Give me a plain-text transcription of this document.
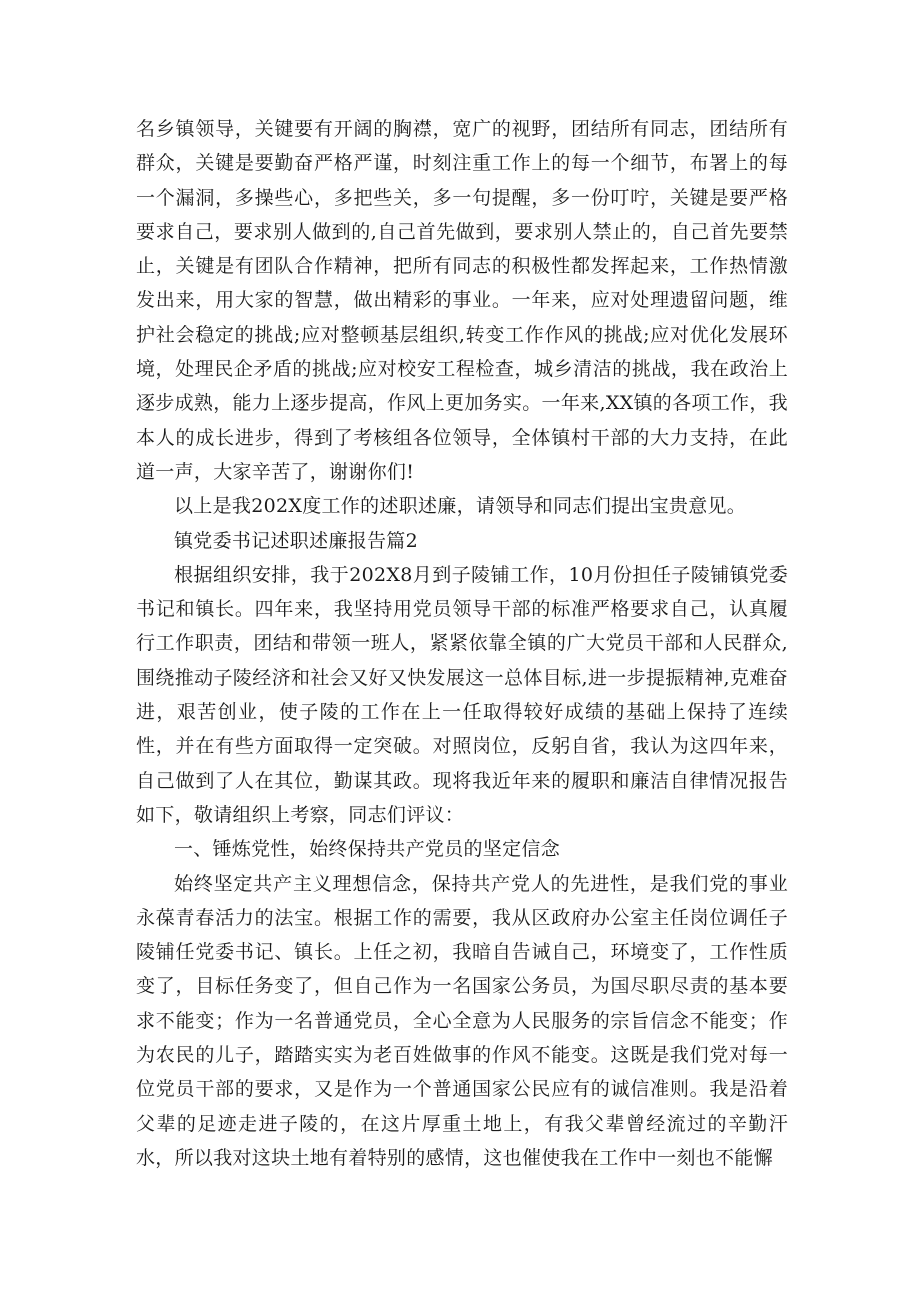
名乡镇领导，关键要有开阔的胸襟，宽广的视野，团结所有同志，团结所有群众，关键是要勤奋严格严谨，时刻注重工作上的每一个细节，布署上的每一个漏洞，多操些心，多把些关，多一句提醒，多一份叮咛，关键是要严格要求自己，要求别人做到的,自己首先做到，要求别人禁止的，自己首先要禁止，关键是有团队合作精神，把所有同志的积极性都发挥起来，工作热情激发出来，用大家的智慧，做出精彩的事业。一年来，应对处理遗留问题，维护社会稳定的挑战;应对整顿基层组织,转变工作作风的挑战;应对优化发展环境，处理民企矛盾的挑战;应对校安工程检查，城乡清洁的挑战，我在政治上逐步成熟，能力上逐步提高，作风上更加务实。一年来,XX镇的各项工作，我本人的成长进步，得到了考核组各位领导，全体镇村干部的大力支持，在此道一声，大家辛苦了，谢谢你们!

以上是我202X度工作的述职述廉，请领导和同志们提出宝贵意见。

镇党委书记述职述廉报告篇2

根据组织安排，我于202X8月到子陵铺工作，10月份担任子陵铺镇党委书记和镇长。四年来，我坚持用党员领导干部的标准严格要求自己，认真履行工作职责，团结和带领一班人，紧紧依靠全镇的广大党员干部和人民群众,围绕推动子陵经济和社会又好又快发展这一总体目标,进一步提振精神,克难奋进，艰苦创业，使子陵的工作在上一任取得较好成绩的基础上保持了连续性，并在有些方面取得一定突破。对照岗位，反躬自省，我认为这四年来，自己做到了人在其位，勤谋其政。现将我近年来的履职和廉洁自律情况报告如下，敬请组织上考察，同志们评议：

一、锤炼党性，始终保持共产党员的坚定信念

始终坚定共产主义理想信念，保持共产党人的先进性，是我们党的事业永葆青春活力的法宝。根据工作的需要，我从区政府办公室主任岗位调任子陵铺任党委书记、镇长。上任之初，我暗自告诫自己，环境变了，工作性质变了，目标任务变了，但自己作为一名国家公务员，为国尽职尽责的基本要求不能变；作为一名普通党员，全心全意为人民服务的宗旨信念不能变；作为农民的儿子，踏踏实实为老百姓做事的作风不能变。这既是我们党对每一位党员干部的要求，又是作为一个普通国家公民应有的诚信准则。我是沿着父辈的足迹走进子陵的，在这片厚重土地上，有我父辈曾经流过的辛勤汗水，所以我对这块土地有着特别的感情，这也催使我在工作中一刻也不能懈
